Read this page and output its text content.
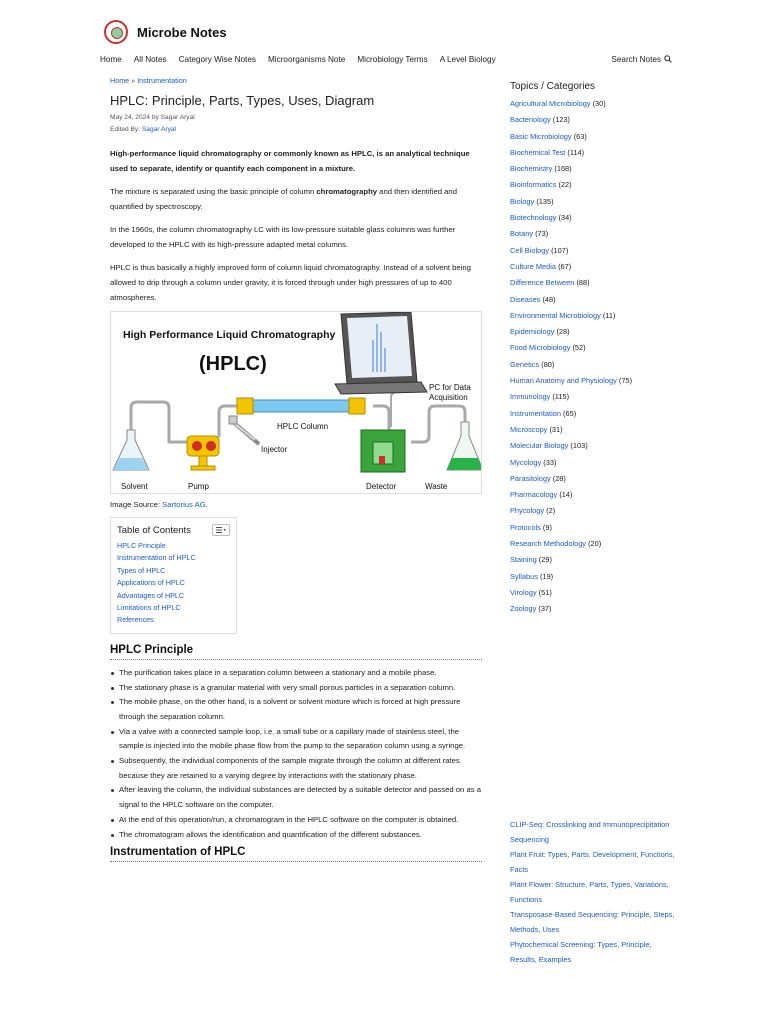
Microbe Notes
Home All Notes Category Wise Notes Microorganisms Note Microbiology Terms A Level Biology	Search Notes
Home » Instrumentation
HPLC: Principle, Parts, Types, Uses, Diagram
May 24, 2024 by Sagar Aryal
Edited By: Sagar Aryal

High-performance liquid chromatography or commonly known as HPLC, is an analytical technique used to separate, identify or quantify each component in a mixture.

The mixture is separated using the basic principle of column chromatography and then identified and quantified by spectroscopy.

In the 1960s, the column chromatography LC with its low-pressure suitable glass columns was further developed to the HPLC with its high-pressure adapted metal columns.

HPLC is thus basically a highly improved form of column liquid chromatography. Instead of a solvent being allowed to drip through a column under gravity, it is forced through under high pressures of up to 400 atmospheres.

High Performance Liquid Chromatography
(HPLC)
PC for Data
Acquisition
HPLC Column
Injector
Solvent	Pump	Detector	Waste
Image Source: Sartorius AG.
Table of Contents
HPLC Principle
Instrumentation of HPLC
Types of HPLC
Applications of HPLC
Advantages of HPLC
Limitations of HPLC
References
HPLC Principle
The purification takes place in a separation column between a stationary and a mobile phase.
The stationary phase is a granular material with very small porous particles in a separation column.
The mobile phase, on the other hand, is a solvent or solvent mixture which is forced at high pressure through the separation column.
Via a valve with a connected sample loop, i.e. a small tube or a capillary made of stainless steel, the sample is injected into the mobile phase flow from the pump to the separation column using a syringe.
Subsequently, the individual components of the sample migrate through the column at different rates because they are retained to a varying degree by interactions with the stationary phase.
After leaving the column, the individual substances are detected by a suitable detector and passed on as a signal to the HPLC software on the computer.
At the end of this operation/run, a chromatogram in the HPLC software on the computer is obtained.
The chromatogram allows the identification and quantification of the different substances.
Instrumentation of HPLC
Topics / Categories
Agricultural Microbiology (30)
Bacteriology (123)
Basic Microbiology (63)
Biochemical Test (114)
Biochemistry (168)
Bioinformatics (22)
Biology (135)
Biotechnology (34)
Botany (73)
Cell Biology (107)
Culture Media (67)
Difference Between (88)
Diseases (48)
Environmental Microbiology (11)
Epidemiology (28)
Food Microbiology (52)
Genetics (80)
Human Anatomy and Physiology (75)
Immunology (115)
Instrumentation (65)
Microscopy (31)
Molecular Biology (103)
Mycology (33)
Parasitology (28)
Pharmacology (14)
Phycology (2)
Protocols (9)
Research Methodology (20)
Staining (29)
Syllabus (19)
Virology (51)
Zoology (37)
CLIP-Seq: Crosslinking and Immunoprecipitation Sequencing
Plant Fruit: Types, Parts, Development, Functions, Facts
Plant Flower: Structure, Parts, Types, Variations, Functions
Transposase-Based Sequencing: Principle, Steps, Methods, Uses
Phytochemical Screening: Types, Principle, Results, Examples
